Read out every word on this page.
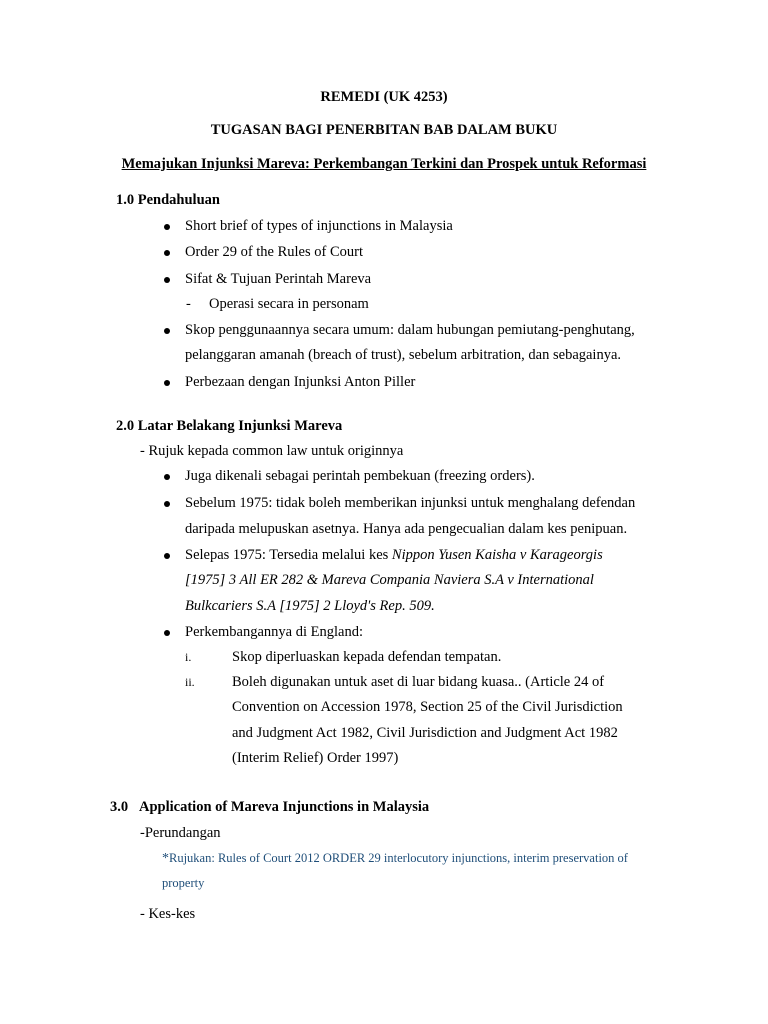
REMEDI (UK 4253)
TUGASAN BAGI PENERBITAN BAB DALAM BUKU
Memajukan Injunksi Mareva: Perkembangan Terkini dan Prospek untuk Reformasi
1.0 Pendahuluan
Short brief of types of injunctions in Malaysia
Order 29 of the Rules of Court
Sifat & Tujuan Perintah Mareva
- Operasi secara in personam
Skop penggunaannya secara umum: dalam hubungan pemiutang-penghutang,
pelanggaran amanah (breach of trust), sebelum arbitration, dan sebagainya.
Perbezaan dengan Injunksi Anton Piller
2.0 Latar Belakang Injunksi Mareva
- Rujuk kepada common law untuk originnya
Juga dikenali sebagai perintah pembekuan (freezing orders).
Sebelum 1975: tidak boleh memberikan injunksi untuk menghalang defendan
daripada melupuskan asetnya. Hanya ada pengecualian dalam kes penipuan.
Selepas 1975: Tersedia melalui kes Nippon Yusen Kaisha v Karageorgis
[1975] 3 All ER 282 & Mareva Compania Naviera S.A v International
Bulkcariers S.A [1975] 2 Lloyd's Rep. 509.
Perkembangannya di England:
i.	Skop diperluaskan kepada defendan tempatan.
ii.	Boleh digunakan untuk aset di luar bidang kuasa.. (Article 24 of
Convention on Accession 1978, Section 25 of the Civil Jurisdiction
and Judgment Act 1982, Civil Jurisdiction and Judgment Act 1982
(Interim Relief) Order 1997)
3.0 Application of Mareva Injunctions in Malaysia
-Perundangan
*Rujukan: Rules of Court 2012 ORDER 29 interlocutory injunctions, interim preservation of
property
- Kes-kes
